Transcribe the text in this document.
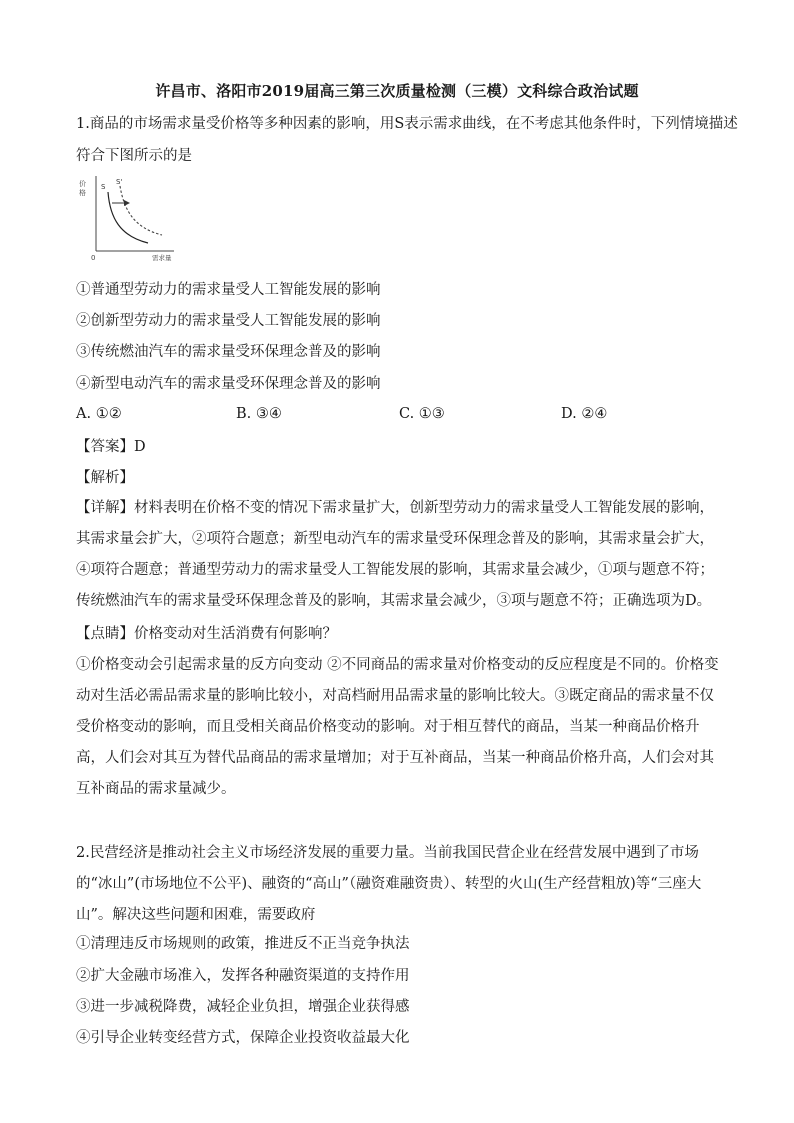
许昌市、洛阳市2019届高三第三次质量检测（三模）文科综合政治试题
1.商品的市场需求量受价格等多种因素的影响，用S表示需求曲线，在不考虑其他条件时，下列情境描述
符合下图所示的是
价
格
0	需求量
S
S'
①普通型劳动力的需求量受人工智能发展的影响
②创新型劳动力的需求量受人工智能发展的影响
③传统燃油汽车的需求量受环保理念普及的影响
④新型电动汽车的需求量受环保理念普及的影响
A. ①②	B. ③④	C. ①③	D. ②④
【答案】D
【解析】
【详解】材料表明在价格不变的情况下需求量扩大，创新型劳动力的需求量受人工智能发展的影响，其需求量会扩大，②项符合题意；新型电动汽车的需求量受环保理念普及的影响，其需求量会扩大，④项符合题意；普通型劳动力的需求量受人工智能发展的影响，其需求量会减少，①项与题意不符；传统燃油汽车的需求量受环保理念普及的影响，其需求量会减少，③项与题意不符；正确选项为D。
【点睛】价格变动对生活消费有何影响？
①价格变动会引起需求量的反方向变动 ②不同商品的需求量对价格变动的反应程度是不同的。价格变动对生活必需品需求量的影响比较小，对高档耐用品需求量的影响比较大。③既定商品的需求量不仅受价格变动的影响，而且受相关商品价格变动的影响。对于相互替代的商品，当某一种商品价格升高，人们会对其互为替代品商品的需求量增加；对于互补商品，当某一种商品价格升高，人们会对其互补商品的需求量减少。
2.民营经济是推动社会主义市场经济发展的重要力量。当前我国民营企业在经营发展中遇到了市场的“冰山”(市场地位不公平)、融资的“高山”（融资难融资贵）、转型的火山(生产经营粗放)等“三座大山”。解决这些问题和困难，需要政府
①清理违反市场规则的政策，推进反不正当竞争执法
②扩大金融市场准入，发挥各种融资渠道的支持作用
③进一步减税降费，减轻企业负担，增强企业获得感
④引导企业转变经营方式，保障企业投资收益最大化
